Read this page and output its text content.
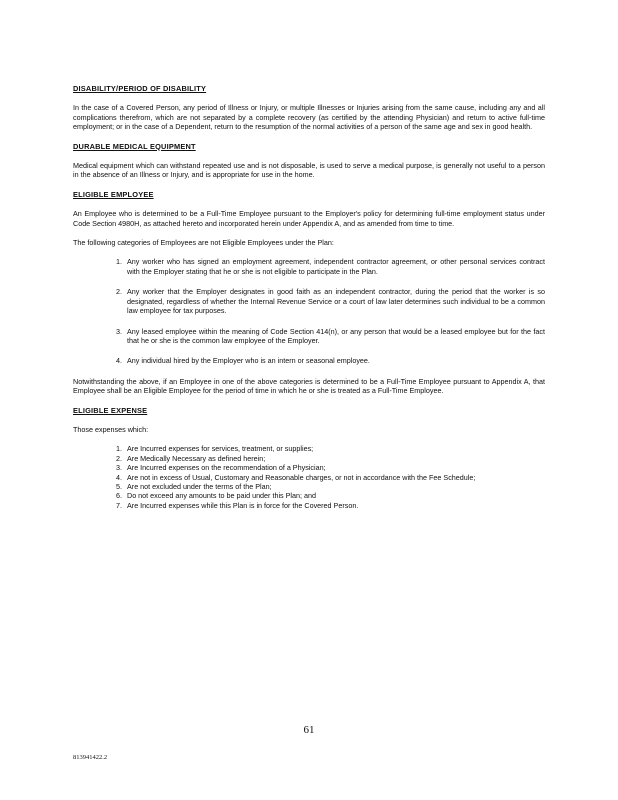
DISABILITY/PERIOD OF DISABILITY

In the case of a Covered Person, any period of Illness or Injury, or multiple Illnesses or Injuries arising from the same cause, including any and all complications therefrom, which are not separated by a complete recovery (as certified by the attending Physician) and return to active full-time employment; or in the case of a Dependent, return to the resumption of the normal activities of a person of the same age and sex in good health.

DURABLE MEDICAL EQUIPMENT

Medical equipment which can withstand repeated use and is not disposable, is used to serve a medical purpose, is generally not useful to a person in the absence of an Illness or Injury, and is appropriate for use in the home.

ELIGIBLE EMPLOYEE

An Employee who is determined to be a Full-Time Employee pursuant to the Employer's policy for determining full-time employment status under Code Section 4980H, as attached hereto and incorporated herein under Appendix A, and as amended from time to time.

The following categories of Employees are not Eligible Employees under the Plan:

1. Any worker who has signed an employment agreement, independent contractor agreement, or other personal services contract with the Employer stating that he or she is not eligible to participate in the Plan.
2. Any worker that the Employer designates in good faith as an independent contractor, during the period that the worker is so designated, regardless of whether the Internal Revenue Service or a court of law later determines such individual to be a common law employee for tax purposes.
3. Any leased employee within the meaning of Code Section 414(n), or any person that would be a leased employee but for the fact that he or she is the common law employee of the Employer.
4. Any individual hired by the Employer who is an intern or seasonal employee.

Notwithstanding the above, if an Employee in one of the above categories is determined to be a Full-Time Employee pursuant to Appendix A, that Employee shall be an Eligible Employee for the period of time in which he or she is treated as a Full-Time Employee.

ELIGIBLE EXPENSE

Those expenses which:

1. Are Incurred expenses for services, treatment, or supplies;
2. Are Medically Necessary as defined herein;
3. Are Incurred expenses on the recommendation of a Physician;
4. Are not in excess of Usual, Customary and Reasonable charges, or not in accordance with the Fee Schedule;
5. Are not excluded under the terms of the Plan;
6. Do not exceed any amounts to be paid under this Plan; and
7. Are Incurred expenses while this Plan is in force for the Covered Person.
61
813941422.2
